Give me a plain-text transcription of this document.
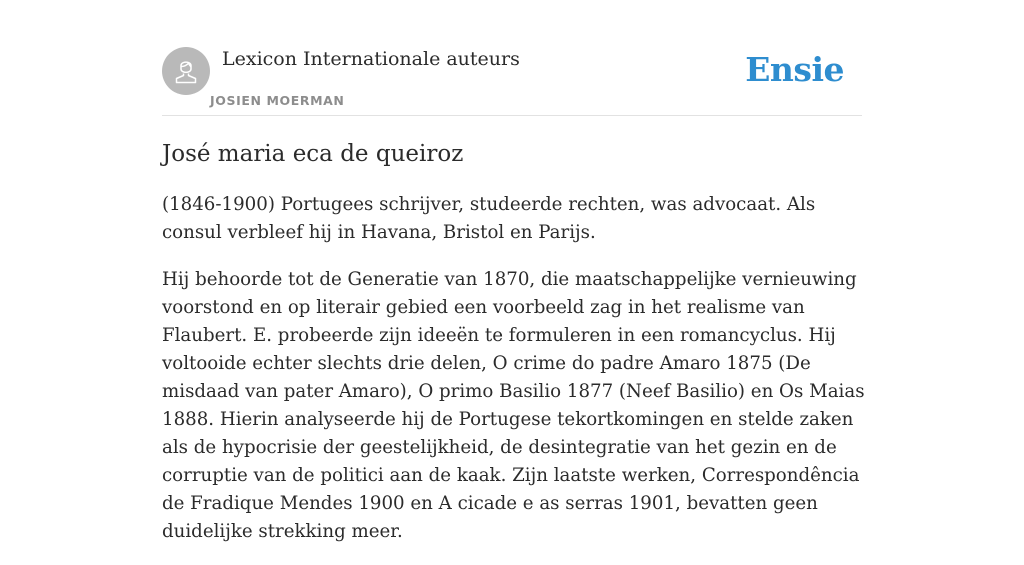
Lexicon Internationale auteurs
JOSIEN MOERMAN
Ensie
José maria eca de queiroz

(1846-1900) Portugees schrijver, studeerde rechten, was advocaat. Als consul verbleef hij in Havana, Bristol en Parijs.

Hij behoorde tot de Generatie van 1870, die maatschappelijke vernieuwing voorstond en op literair gebied een voorbeeld zag in het realisme van Flaubert. E. probeerde zijn ideeën te formuleren in een romancyclus. Hij voltooide echter slechts drie delen, O crime do padre Amaro 1875 (De misdaad van pater Amaro), O primo Basilio 1877 (Neef Basilio) en Os Maias 1888. Hierin analyseerde hij de Portugese tekortkomingen en stelde zaken als de hypocrisie der geestelijkheid, de desintegratie van het gezin en de corruptie van de politici aan de kaak. Zijn laatste werken, Correspondência de Fradique Mendes 1900 en A cicade e as serras 1901, bevatten geen duidelijke strekking meer.
